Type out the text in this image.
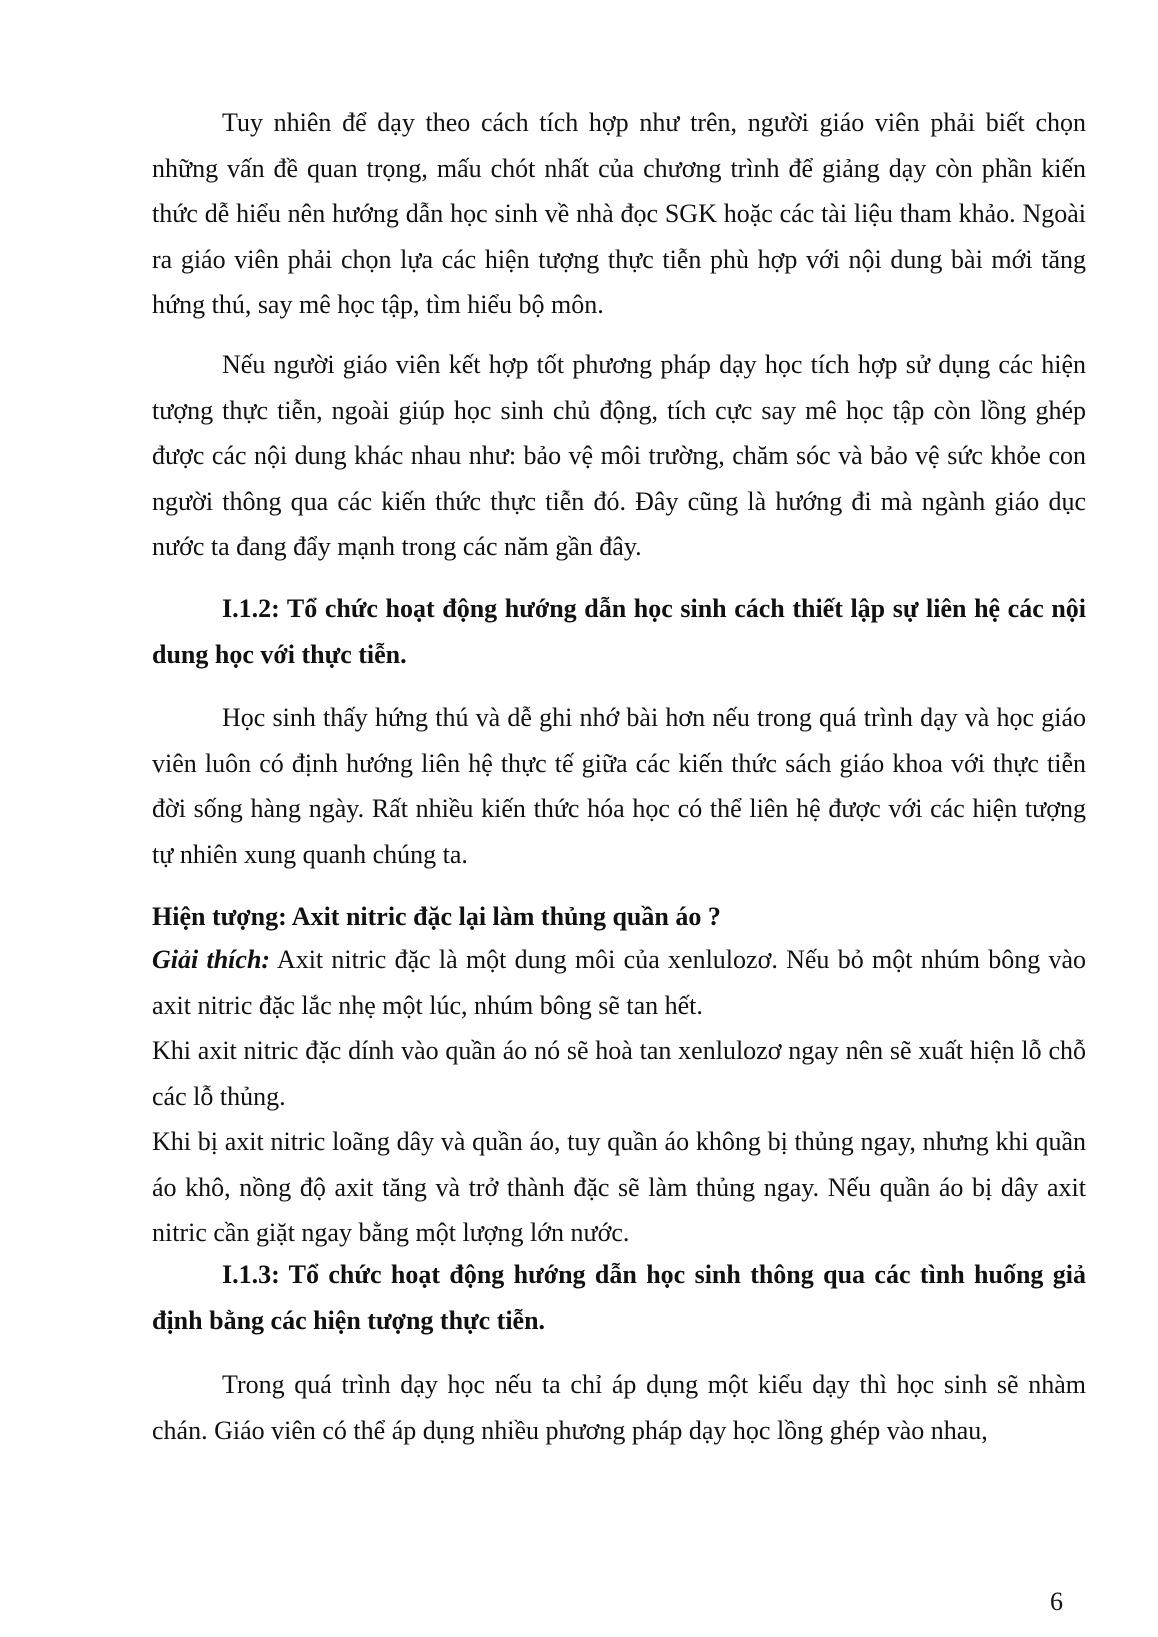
Tuy nhiên để dạy theo cách tích hợp như trên, người giáo viên phải biết chọn những vấn đề quan trọng, mấu chót nhất của chương trình để giảng dạy còn phần kiến thức dễ hiểu nên hướng dẫn học sinh về nhà đọc SGK hoặc các tài liệu tham khảo. Ngoài ra giáo viên phải chọn lựa các hiện tượng thực tiễn phù hợp với nội dung bài mới tăng hứng thú, say mê học tập, tìm hiểu bộ môn.

Nếu người giáo viên kết hợp tốt phương pháp dạy học tích hợp sử dụng các hiện tượng thực tiễn, ngoài giúp học sinh chủ động, tích cực say mê học tập còn lồng ghép được các nội dung khác nhau như: bảo vệ môi trường, chăm sóc và bảo vệ sức khỏe con người thông qua các kiến thức thực tiễn đó. Đây cũng là hướng đi mà ngành giáo dục nước ta đang đẩy mạnh trong các năm gần đây.

I.1.2: Tổ chức hoạt động hướng dẫn học sinh cách thiết lập sự liên hệ các nội dung học với thực tiễn.

Học sinh thấy hứng thú và dễ ghi nhớ bài hơn nếu trong quá trình dạy và học giáo viên luôn có định hướng liên hệ thực tế giữa các kiến thức sách giáo khoa với thực tiễn đời sống hàng ngày. Rất nhiều kiến thức hóa học có thể liên hệ được với các hiện tượng tự nhiên xung quanh chúng ta.

Hiện tượng: Axit nitric đặc lại làm thủng quần áo ?

Giải thích: Axit nitric đặc là một dung môi của xenlulozơ. Nếu bỏ một nhúm bông vào axit nitric đặc lắc nhẹ một lúc, nhúm bông sẽ tan hết.

Khi axit nitric đặc dính vào quần áo nó sẽ hoà tan xenlulozơ ngay nên sẽ xuất hiện lỗ chỗ các lỗ thủng.

Khi bị axit nitric loãng dây và quần áo, tuy quần áo không bị thủng ngay, nhưng khi quần áo khô, nồng độ axit tăng và trở thành đặc sẽ làm thủng ngay. Nếu quần áo bị dây axit nitric cần giặt ngay bằng một lượng lớn nước.

I.1.3: Tổ chức hoạt động hướng dẫn học sinh thông qua các tình huống giả định bằng các hiện tượng thực tiễn.

Trong quá trình dạy học nếu ta chỉ áp dụng một kiểu dạy thì học sinh sẽ nhàm chán. Giáo viên có thể áp dụng nhiều phương pháp dạy học lồng ghép vào nhau,

6
